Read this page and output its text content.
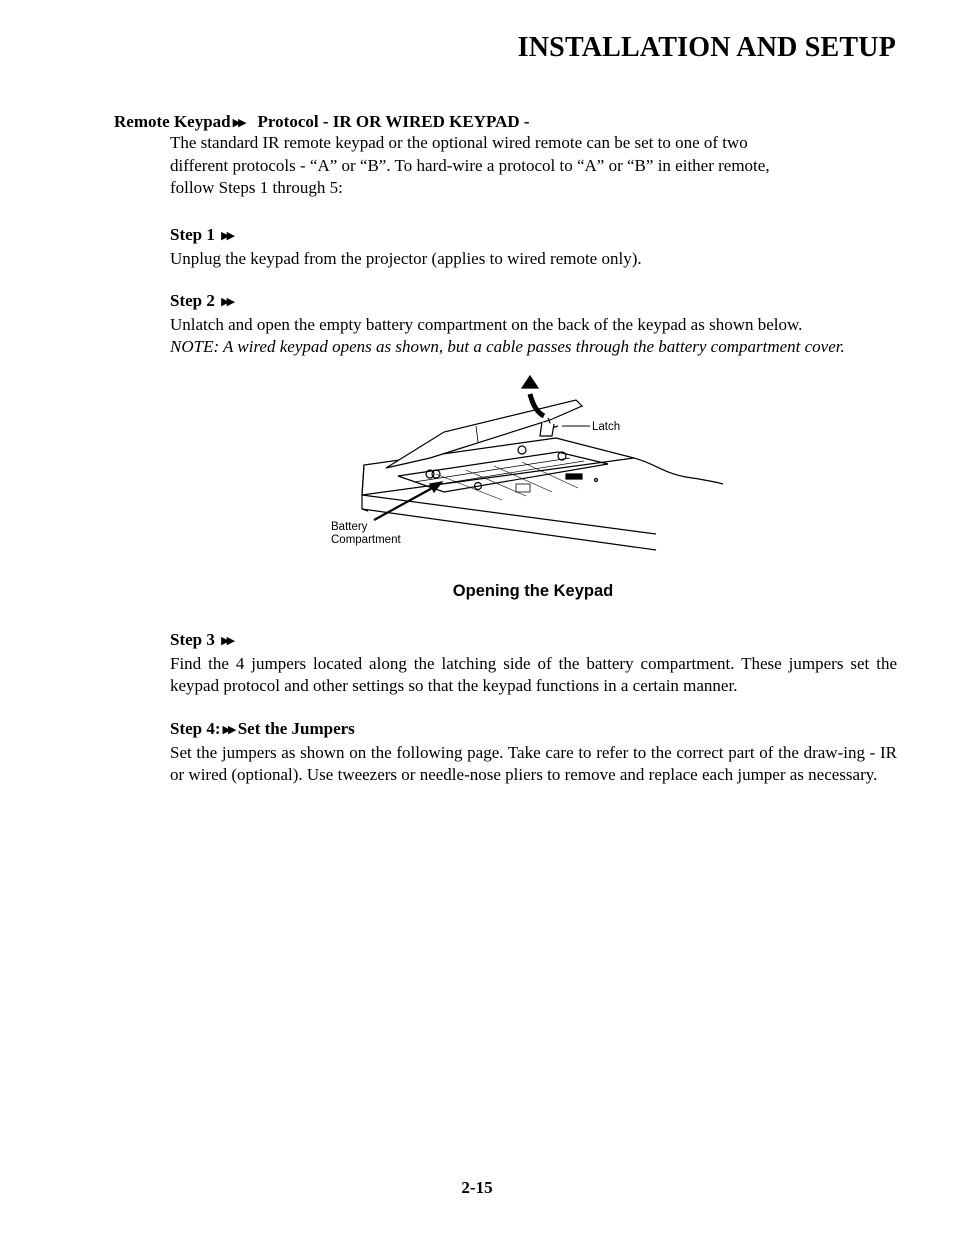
INSTALLATION AND SETUP
Remote Keypad ▶▶ Protocol - IR OR WIRED KEYPAD -

The standard IR remote keypad or the optional wired remote can be set to one of two

different protocols - “A” or “B”. To hard-wire a protocol to “A” or “B” in either remote,

follow Steps 1 through 5:

Step 1 ▶▶

Unplug the keypad from the projector (applies to wired remote only).

Step 2 ▶▶

Unlatch and open the empty battery compartment on the back of the keypad as shown below.

NOTE: A wired keypad opens as shown, but a cable passes through the battery compartment cover.

Latch
Battery
Compartment
Opening the Keypad

Step 3 ▶▶

Find the 4 jumpers located along the latching side of the battery compartment. These jumpers set the keypad protocol and other settings so that the keypad functions in a certain manner.

Step 4: ▶▶ Set the Jumpers

Set the jumpers as shown on the following page. Take care to refer to the correct part of the draw-ing - IR or wired (optional). Use tweezers or needle-nose pliers to remove and replace each jumper as necessary.

2-15
